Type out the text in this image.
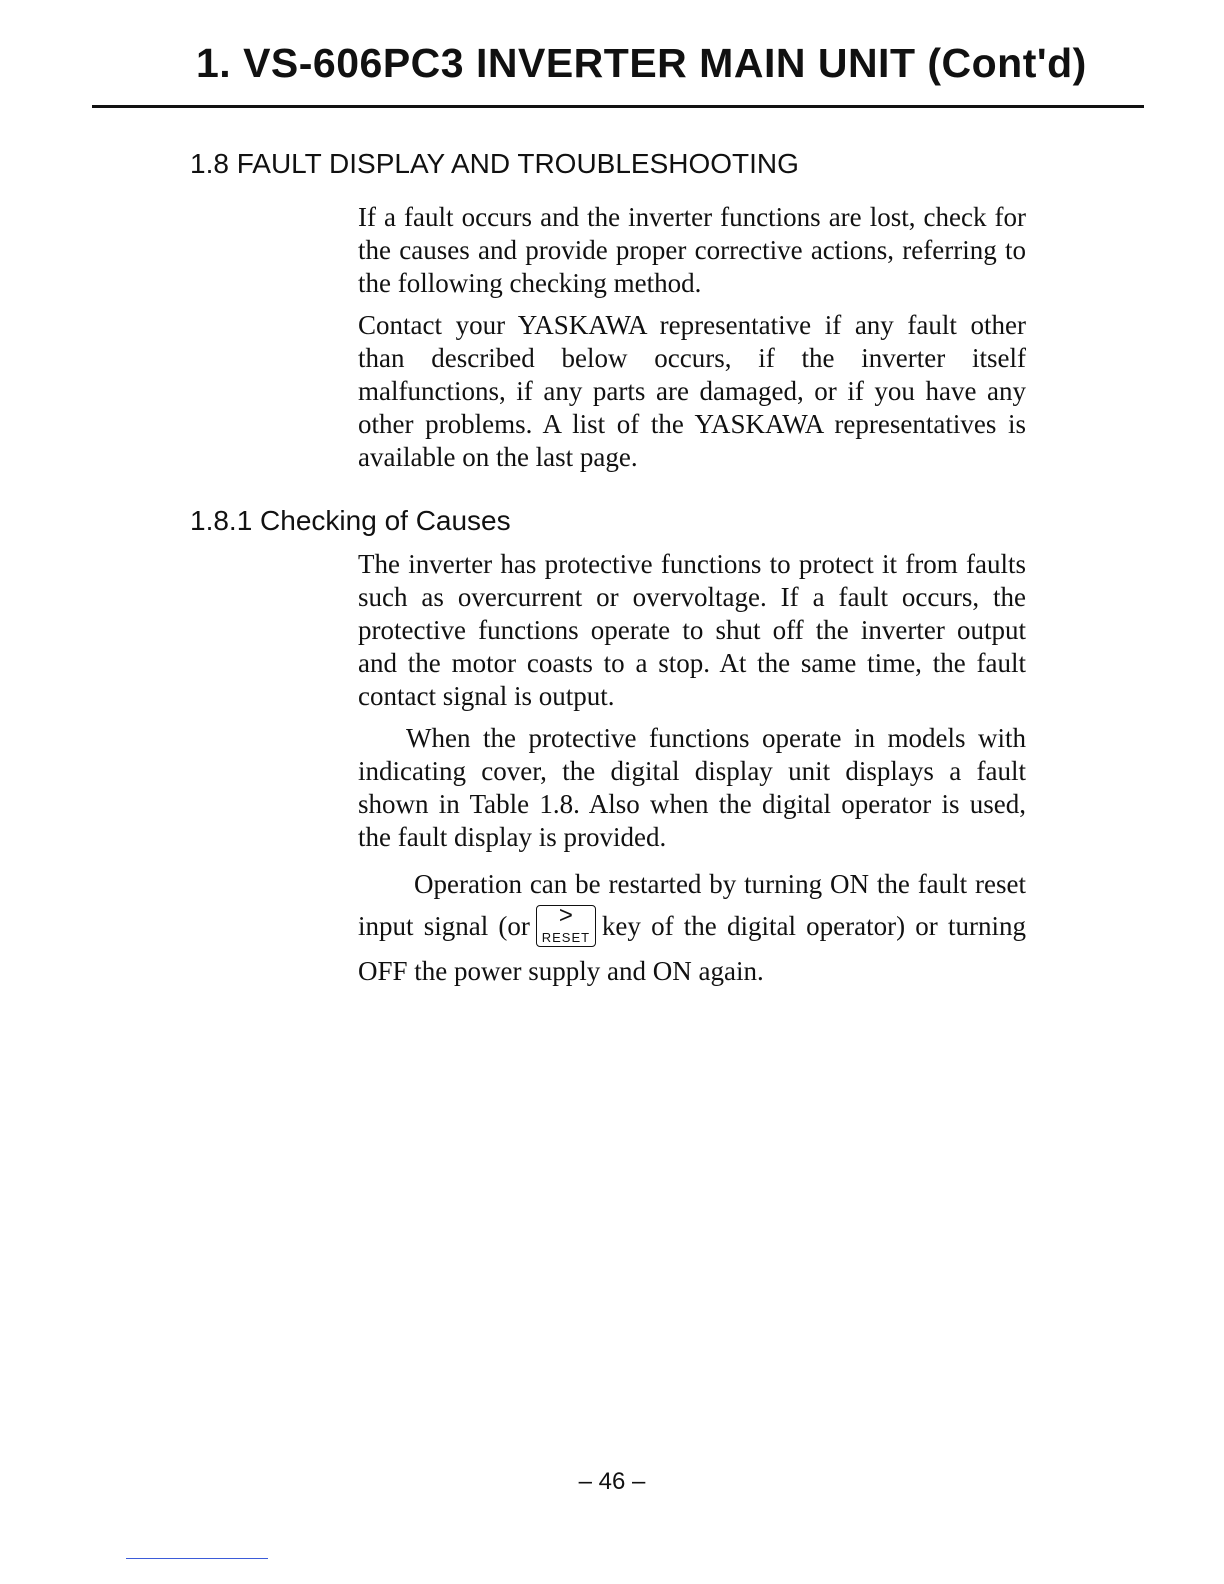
1. VS-606PC3 INVERTER MAIN UNIT (Cont'd)
1.8 FAULT DISPLAY AND TROUBLESHOOTING

If a fault occurs and the inverter functions are lost, check for the causes and provide proper corrective actions, referring to the following checking method.

Contact your YASKAWA representative if any fault other than described below occurs, if the inverter itself malfunctions, if any parts are damaged, or if you have any other problems. A list of the YASKAWA representatives is available on the last page.

1.8.1 Checking of Causes

The inverter has protective functions to protect it from faults such as overcurrent or overvoltage. If a fault occurs, the protective functions operate to shut off the inverter output and the motor coasts to a stop. At the same time, the fault contact signal is output.

When the protective functions operate in models with indicating cover, the digital display unit displays a fault shown in Table 1.8. Also when the digital operator is used, the fault display is provided.

Operation can be restarted by turning ON the fault reset input signal (or	>
RESET key of the digital operator) or turning OFF the power supply and ON again.

– 46 –
